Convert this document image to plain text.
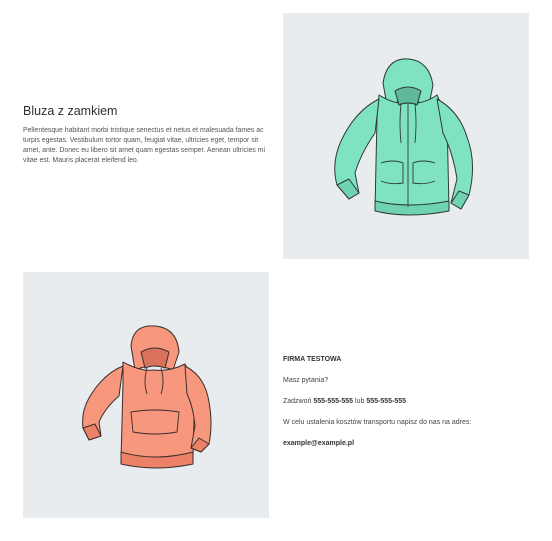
Bluza z zamkiem

Pellentesque habitant morbi tristique senectus et netus et malesuada fames ac turpis egestas. Vestibulum tortor quam, feugiat vitae, ultricies eget, tempor sit amet, ante. Donec eu libero sit amet quam egestas semper. Aenean ultricies mi vitae est. Mauris placerat eleifend leo.

FIRMA TESTOWA

Masz pytania?

Zadzwoń 555-555-555 lub 555-555-555

W celu ustalenia kosztów transportu napisz do nas na adres:

example@example.pl
